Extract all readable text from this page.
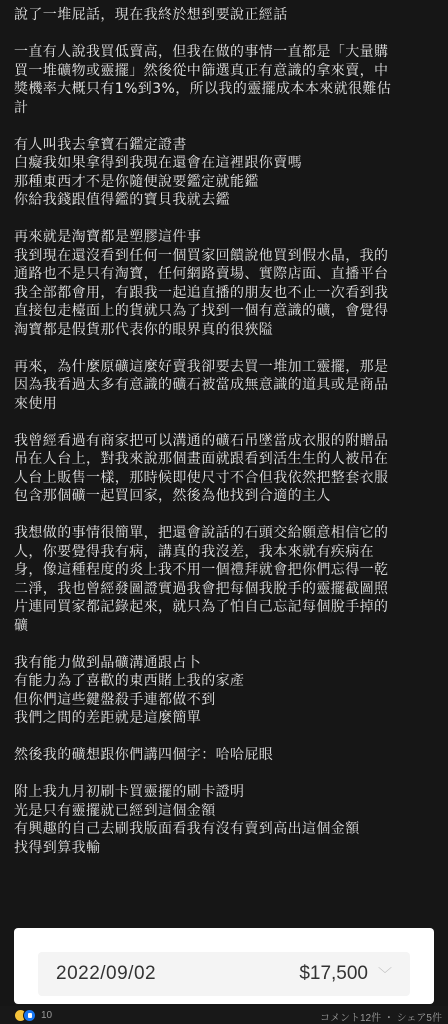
說了一堆屁話，現在我終於想到要說正經話
一直有人說我買低賣高，但我在做的事情一直都是「大量購
買一堆礦物或靈擺」然後從中篩選真正有意識的拿來賣，中
獎機率大概只有1%到3%，所以我的靈擺成本本來就很難估
計
有人叫我去拿寶石鑑定證書
白癡我如果拿得到我現在還會在這裡跟你賣嗎
那種東西才不是你隨便說要鑑定就能鑑
你給我錢跟值得鑑的寶貝我就去鑑
再來就是淘寶都是塑膠這件事
我到現在還沒看到任何一個買家回饋說他買到假水晶，我的
通路也不是只有淘寶，任何網路賣場、實際店面、直播平台
我全部都會用，有跟我一起追直播的朋友也不止一次看到我
直接包走檯面上的貨就只為了找到一個有意識的礦，會覺得
淘寶都是假貨那代表你的眼界真的很狹隘
再來，為什麼原礦這麼好賣我卻要去買一堆加工靈擺，那是
因為我看過太多有意識的礦石被當成無意識的道具或是商品
來使用
我曾經看過有商家把可以溝通的礦石吊墜當成衣服的附贈品
吊在人台上，對我來說那個畫面就跟看到活生生的人被吊在
人台上販售一樣，那時候即使尺寸不合但我依然把整套衣服
包含那個礦一起買回家，然後為他找到合適的主人
我想做的事情很簡單，把還會說話的石頭交給願意相信它的
人，你要覺得我有病，講真的我沒差，我本來就有疾病在
身，像這種程度的炎上我不用一個禮拜就會把你們忘得一乾
二淨，我也曾經發圖證實過我會把每個我脫手的靈擺截圖照
片連同買家都記錄起來，就只為了怕自己忘記每個脫手掉的
礦
我有能力做到晶礦溝通跟占卜
有能力為了喜歡的東西賭上我的家產
但你們這些鍵盤殺手連都做不到
我們之間的差距就是這麼簡單
然後我的礦想跟你們講四個字：哈哈屁眼
附上我九月初刷卡買靈擺的刷卡證明
光是只有靈擺就已經到這個金額
有興趣的自己去刷我版面看我有沒有賣到高出這個金額
找得到算我輸
2022/09/02	$17,500 ﹀
10	コメント12件 ・ シェア5件
